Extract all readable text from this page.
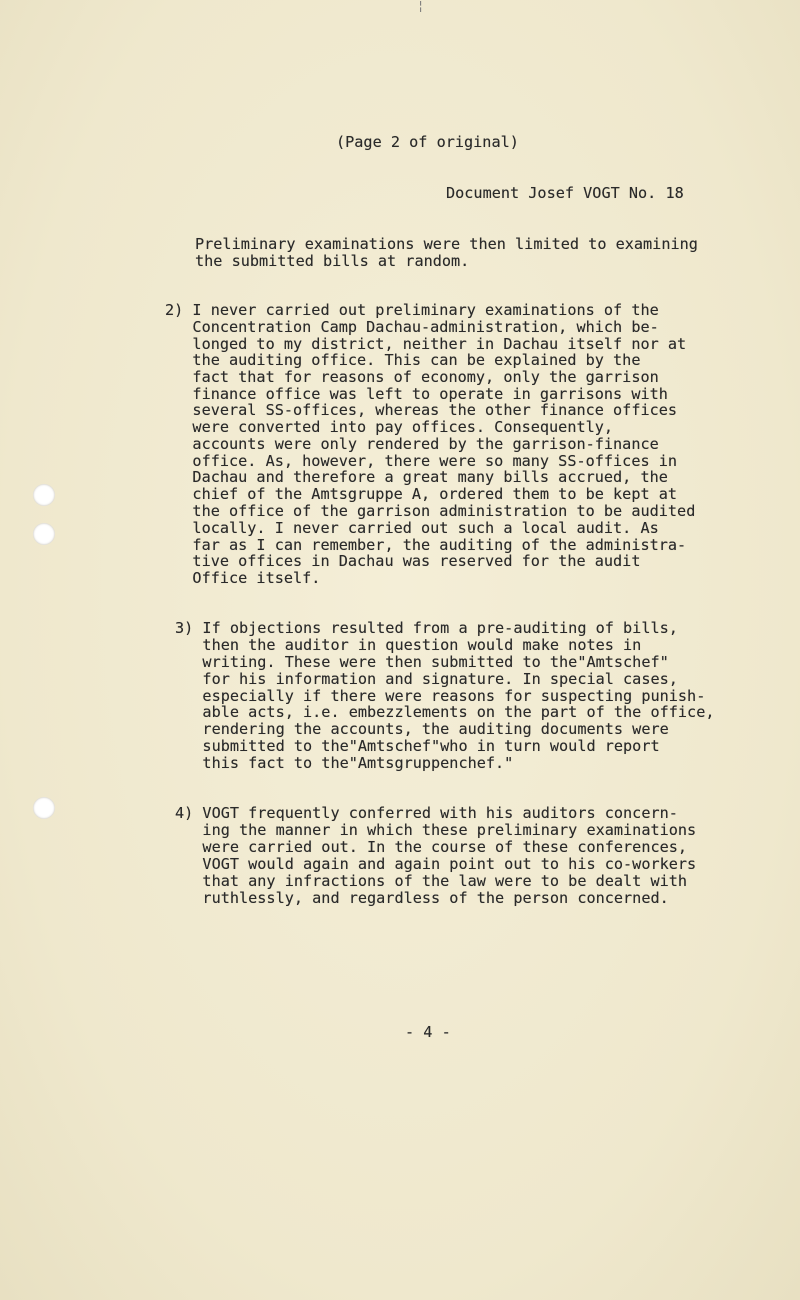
¦
(Page 2 of original)
Document Josef VOGT No. 18
Preliminary examinations were then limited to examining
the submitted bills at random.
2) I never carried out preliminary examinations of the
Concentration Camp Dachau-administration, which be-
longed to my district, neither in Dachau itself nor at
the auditing office. This can be explained by the
fact that for reasons of economy, only the garrison
finance office was left to operate in garrisons with
several SS-offices, whereas the other finance offices
were converted into pay offices. Consequently,
accounts were only rendered by the garrison-finance
office. As, however, there were so many SS-offices in
Dachau and therefore a great many bills accrued, the
chief of the Amtsgruppe A, ordered them to be kept at
the office of the garrison administration to be audited
locally. I never carried out such a local audit. As
far as I can remember, the auditing of the administra-
tive offices in Dachau was reserved for the audit
Office itself.
3) If objections resulted from a pre-auditing of bills,
then the auditor in question would make notes in
writing. These were then submitted to the"Amtschef"
for his information and signature. In special cases,
especially if there were reasons for suspecting punish-
able acts, i.e. embezzlements on the part of the office,
rendering the accounts, the auditing documents were
submitted to the"Amtschef"who in turn would report
this fact to the"Amtsgruppenchef."
4) VOGT frequently conferred with his auditors concern-
ing the manner in which these preliminary examinations
were carried out. In the course of these conferences,
VOGT would again and again point out to his co-workers
that any infractions of the law were to be dealt with
ruthlessly, and regardless of the person concerned.
- 4 -
